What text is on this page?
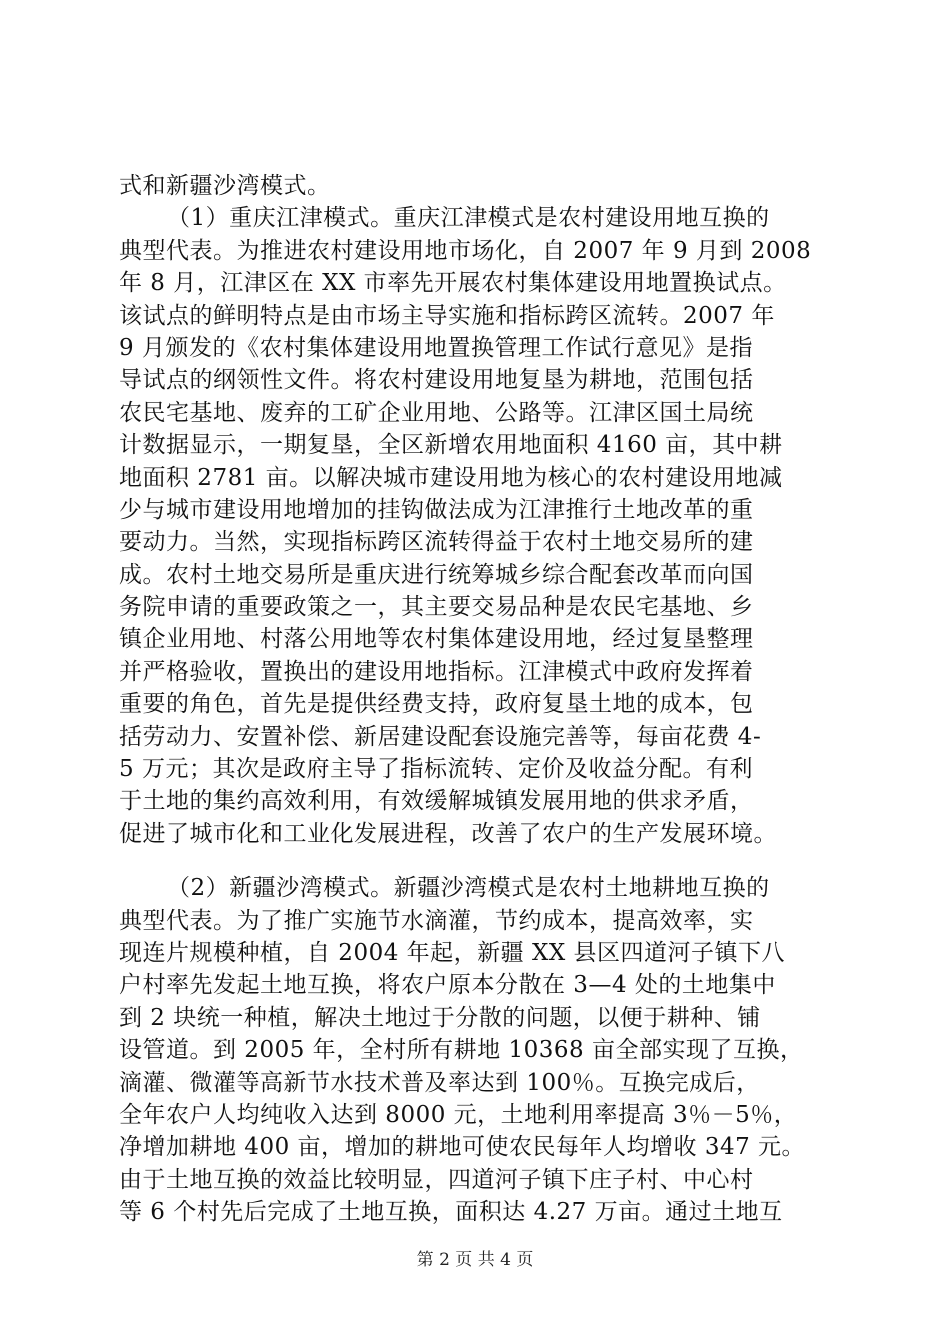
式和新疆沙湾模式。
（1）重庆江津模式。重庆江津模式是农村建设用地互换的
典型代表。为推进农村建设用地市场化，自 2007 年 9 月到 2008
年 8 月，江津区在 XX 市率先开展农村集体建设用地置换试点。
该试点的鲜明特点是由市场主导实施和指标跨区流转。2007 年
9 月颁发的《农村集体建设用地置换管理工作试行意见》是指
导试点的纲领性文件。将农村建设用地复垦为耕地，范围包括
农民宅基地、废弃的工矿企业用地、公路等。江津区国土局统
计数据显示，一期复垦，全区新增农用地面积 4160 亩，其中耕
地面积 2781 亩。以解决城市建设用地为核心的农村建设用地减
少与城市建设用地增加的挂钩做法成为江津推行土地改革的重
要动力。当然，实现指标跨区流转得益于农村土地交易所的建
成。农村土地交易所是重庆进行统筹城乡综合配套改革而向国
务院申请的重要政策之一，其主要交易品种是农民宅基地、乡
镇企业用地、村落公用地等农村集体建设用地，经过复垦整理
并严格验收，置换出的建设用地指标。江津模式中政府发挥着
重要的角色，首先是提供经费支持，政府复垦土地的成本，包
括劳动力、安置补偿、新居建设配套设施完善等，每亩花费 4-
5 万元；其次是政府主导了指标流转、定价及收益分配。有利
于土地的集约高效利用，有效缓解城镇发展用地的供求矛盾，
促进了城市化和工业化发展进程，改善了农户的生产发展环境。
（2）新疆沙湾模式。新疆沙湾模式是农村土地耕地互换的
典型代表。为了推广实施节水滴灌，节约成本，提高效率，实
现连片规模种植，自 2004 年起，新疆 XX 县区四道河子镇下八
户村率先发起土地互换，将农户原本分散在 3—4 处的土地集中
到 2 块统一种植，解决土地过于分散的问题，以便于耕种、铺
设管道。到 2005 年，全村所有耕地 10368 亩全部实现了互换，
滴灌、微灌等高新节水技术普及率达到 100％。互换完成后，
全年农户人均纯收入达到 8000 元，土地利用率提高 3％－5％，
净增加耕地 400 亩，增加的耕地可使农民每年人均增收 347 元。
由于土地互换的效益比较明显，四道河子镇下庄子村、中心村
等 6 个村先后完成了土地互换，面积达 4.27 万亩。通过土地互
第 2 页 共 4 页
